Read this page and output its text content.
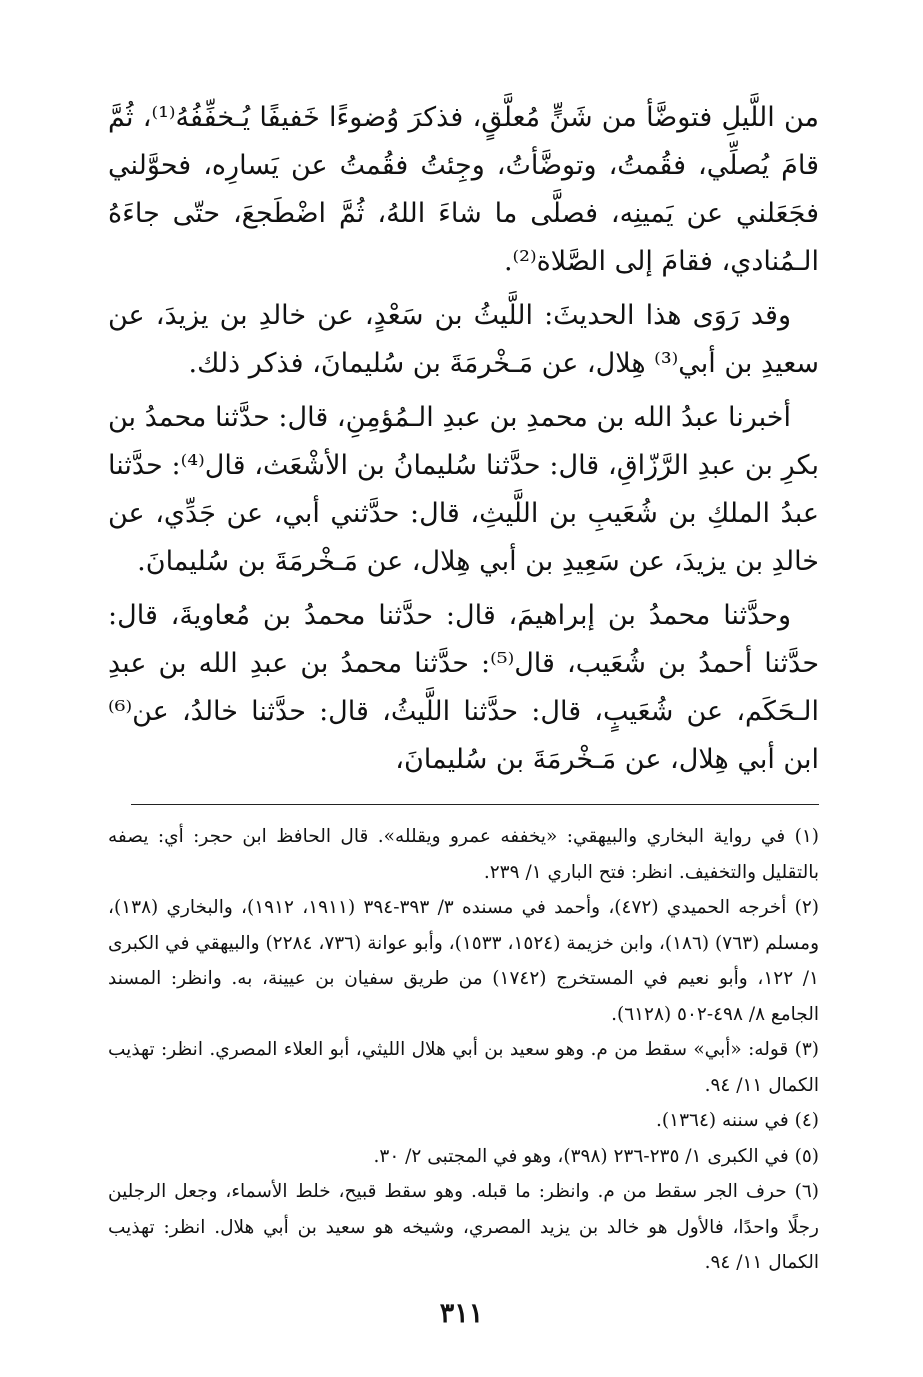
من اللَّيلِ فتوضَّأ من شَنٍّ مُعلَّقٍ، فذكرَ وُضوءًا خَفيفًا يُـخفِّفُهُ⁽¹⁾، ثُمَّ قامَ يُصلِّي، فقُمتُ، وتوضَّأتُ، وجِئتُ فقُمتُ عن يَسارِه، فحوَّلني فجَعَلني عن يَمينِه، فصلَّى ما شاءَ اللهُ، ثُمَّ اضْطَجعَ، حتّى جاءَهُ الـمُنادي، فقامَ إلى الصَّلاة⁽²⁾.

وقد رَوَى هذا الحديثَ: اللَّيثُ بن سَعْدٍ، عن خالدِ بن يزيدَ، عن سعيدِ بن أبي⁽³⁾ هِلال، عن مَـخْرمَةَ بن سُليمانَ، فذكر ذلك.

أخبرنا عبدُ الله بن محمدِ بن عبدِ الـمُؤمِنِ، قال: حدَّثنا محمدُ بن بكرِ بن عبدِ الرَّزّاقِ، قال: حدَّثنا سُليمانُ بن الأشْعَث، قال⁽⁴⁾: حدَّثنا عبدُ الملكِ بن شُعَيبِ بن اللَّيثِ، قال: حدَّثني أبي، عن جَدِّي، عن خالدِ بن يزيدَ، عن سَعِيدِ بن أبي هِلال، عن مَـخْرمَةَ بن سُليمانَ.

وحدَّثنا محمدُ بن إبراهيمَ، قال: حدَّثنا محمدُ بن مُعاويةَ، قال: حدَّثنا أحمدُ بن شُعَيب، قال⁽⁵⁾: حدَّثنا محمدُ بن عبدِ الله بن عبدِ الـحَكَم، عن شُعَيبٍ، قال: حدَّثنا اللَّيثُ، قال: حدَّثنا خالدُ، عن⁽⁶⁾ ابن أبي هِلال، عن مَـخْرمَةَ بن سُليمانَ،

(١) في رواية البخاري والبيهقي: «يخففه عمرو ويقلله». قال الحافظ ابن حجر: أي: يصفه بالتقليل والتخفيف. انظر: فتح الباري ١/ ٢٣٩.

(٢) أخرجه الحميدي (٤٧٢)، وأحمد في مسنده ٣/ ٣٩٣-٣٩٤ (١٩١١، ١٩١٢)، والبخاري (١٣٨)، ومسلم (٧٦٣) (١٨٦)، وابن خزيمة (١٥٢٤، ١٥٣٣)، وأبو عوانة (٧٣٦، ٢٢٨٤) والبيهقي في الكبرى ١/ ١٢٢، وأبو نعيم في المستخرج (١٧٤٢) من طريق سفيان بن عيينة، به. وانظر: المسند الجامع ٨/ ٤٩٨-٥٠٢ (٦١٢٨).

(٣) قوله: «أبي» سقط من م. وهو سعيد بن أبي هلال الليثي، أبو العلاء المصري. انظر: تهذيب الكمال ١١/ ٩٤.

(٤) في سننه (١٣٦٤).

(٥) في الكبرى ١/ ٢٣٥-٢٣٦ (٣٩٨)، وهو في المجتبى ٢/ ٣٠.

(٦) حرف الجر سقط من م. وانظر: ما قبله. وهو سقط قبيح، خلط الأسماء، وجعل الرجلين رجلًا واحدًا، فالأول هو خالد بن يزيد المصري، وشيخه هو سعيد بن أبي هلال. انظر: تهذيب الكمال ١١/ ٩٤.

٣١١
